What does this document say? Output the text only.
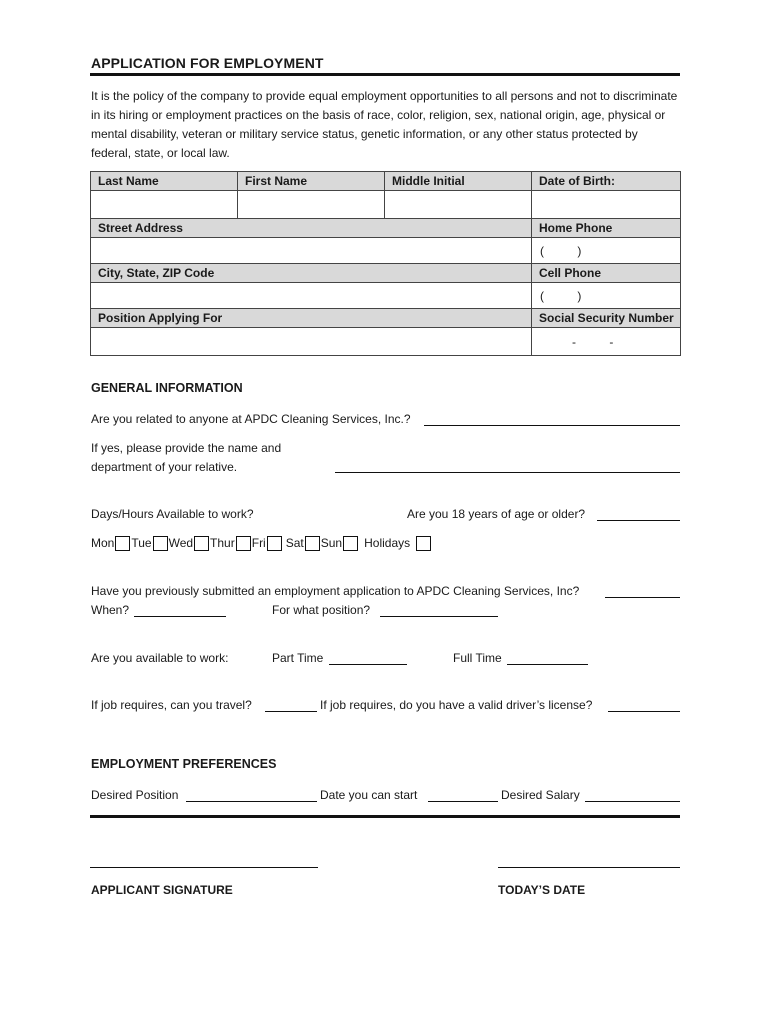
APPLICATION FOR EMPLOYMENT
It is the policy of the company to provide equal employment opportunities to all persons and not to discriminate in its hiring or employment practices on the basis of race, color, religion, sex, national origin, age, physical or mental disability, veteran or military service status, genetic information, or any other status protected by federal, state, or local law.
Last Name	First Name	Middle Initial	Date of Birth:

Street Address			Home Phone
			(          )
City, State, ZIP Code			Cell Phone
			(          )
Position Applying For			Social Security Number
			-          -
GENERAL INFORMATION
Are you related to anyone at APDC Cleaning Services, Inc.?
If yes, please provide the name and
department of your relative.
Days/Hours Available to work?	Are you 18 years of age or older?
Mon Tue Wed Thur Fri Sat Sun Holidays
Have you previously submitted an employment application to APDC Cleaning Services, Inc?
When?	For what position?
Are you available to work:	Part Time	Full Time
If job requires, can you travel?	If job requires, do you have a valid driver’s license?
EMPLOYMENT PREFERENCES
Desired Position	Date you can start	Desired Salary
APPLICANT SIGNATURE	TODAY’S DATE
